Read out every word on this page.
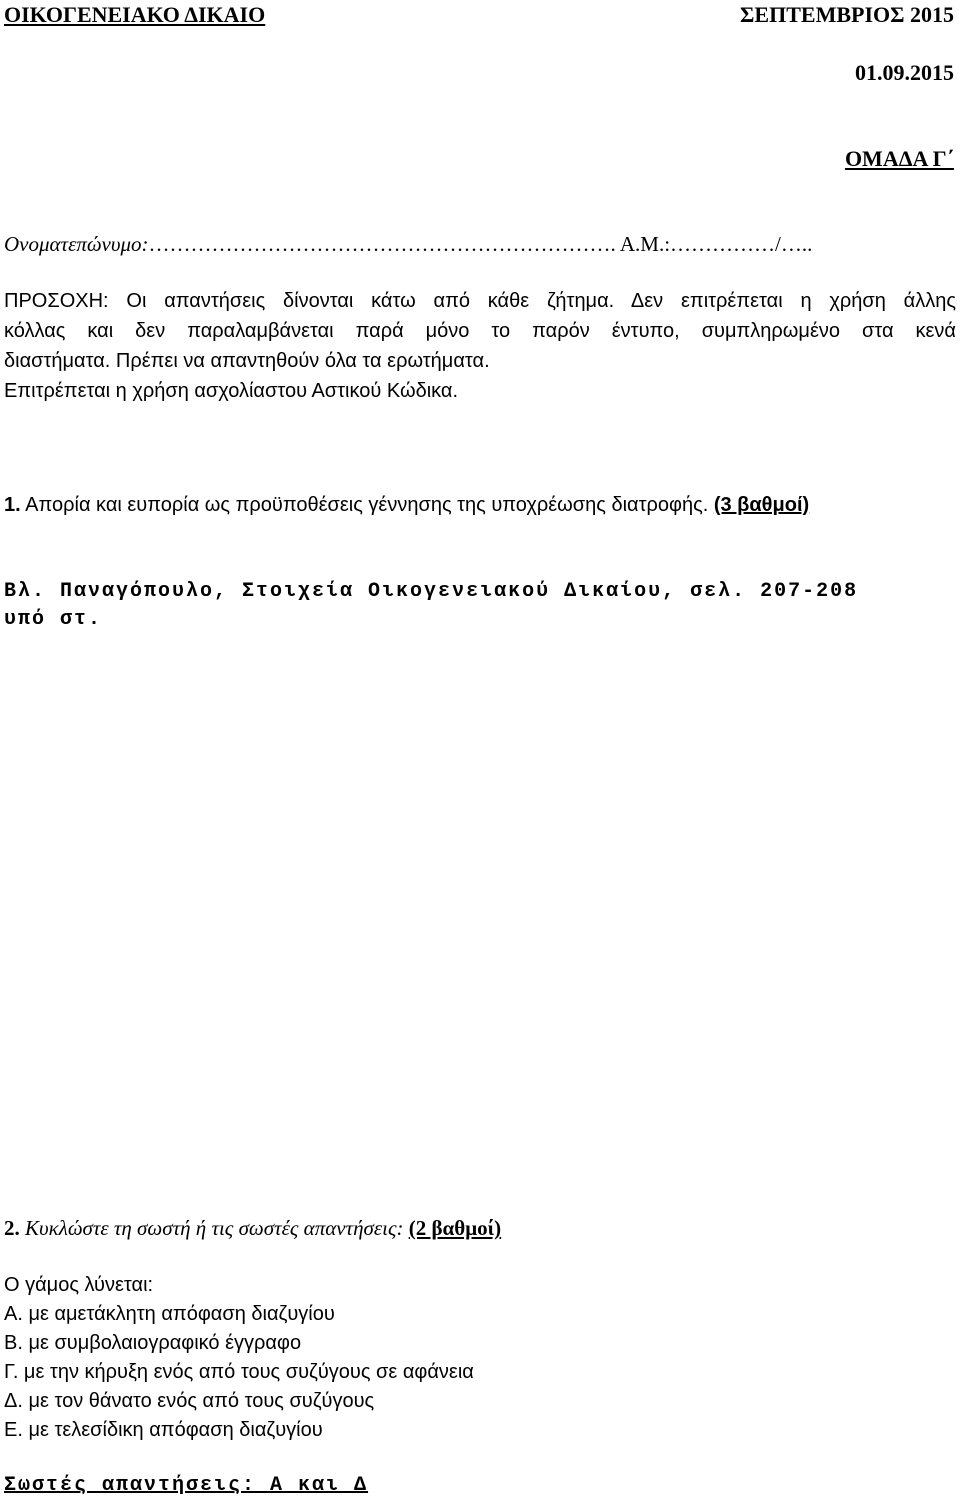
ΟΙΚΟΓΕΝΕΙΑΚΟ ΔΙΚΑΙΟ	ΣΕΠΤΕΜΒΡΙΟΣ 2015
01.09.2015
ΟΜΑΔΑ Γ΄
Ονοματεπώνυμο:…………………………………………………………. Α.Μ.:……………/…..
ΠΡΟΣΟΧΗ: Οι απαντήσεις δίνονται κάτω από κάθε ζήτημα. Δεν επιτρέπεται η χρήση άλλης
κόλλας και δεν παραλαμβάνεται παρά μόνο το παρόν έντυπο, συμπληρωμένο στα κενά
διαστήματα. Πρέπει να απαντηθούν όλα τα ερωτήματα.
Επιτρέπεται η χρήση ασχολίαστου Αστικού Κώδικα.
1. Απορία και ευπορία ως προϋποθέσεις γέννησης της υποχρέωσης διατροφής. (3 βαθμοί)
Βλ. Παναγόπουλο, Στοιχεία Οικογενειακού Δικαίου, σελ. 207-208
υπό στ.
2. Κυκλώστε τη σωστή ή τις σωστές απαντήσεις: (2 βαθμοί)
Ο γάμος λύνεται:
Α. με αμετάκλητη απόφαση διαζυγίου
Β. με συμβολαιογραφικό έγγραφο
Γ. με την κήρυξη ενός από τους συζύγους σε αφάνεια
Δ. με τον θάνατο ενός από τους συζύγους
Ε. με τελεσίδικη απόφαση διαζυγίου
Σωστές απαντήσεις: Α και Δ
